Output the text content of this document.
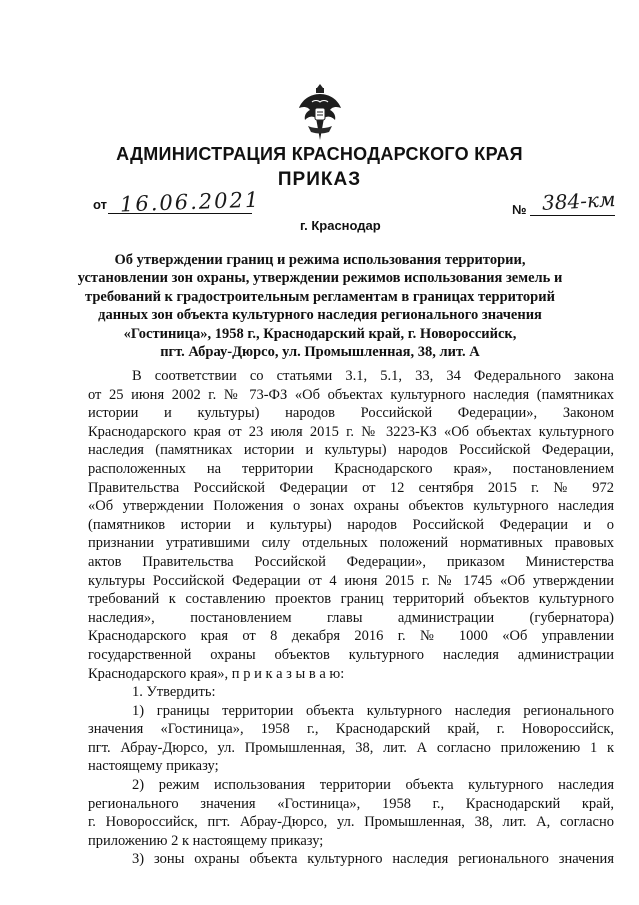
АДМИНИСТРАЦИЯ КРАСНОДАРСКОГО КРАЯ
ПРИКАЗ
от 16.06.2021	№ 384-км
г. Краснодар
Об утверждении границ и режима использования территории,
установлении зон охраны, утверждении режимов использования земель и
требований к градостроительным регламентам в границах территорий
данных зон объекта культурного наследия регионального значения
«Гостиница», 1958 г., Краснодарский край, г. Новороссийск,
пгт. Абрау-Дюрсо, ул. Промышленная, 38, лит. А
В соответствии со статьями 3.1, 5.1, 33, 34 Федерального закона
от 25 июня 2002 г. № 73-ФЗ «Об объектах культурного наследия (памятниках
истории и культуры) народов Российской Федерации», Законом
Краснодарского края от 23 июля 2015 г. № 3223-КЗ «Об объектах культурного
наследия (памятниках истории и культуры) народов Российской Федерации,
расположенных на территории Краснодарского края», постановлением
Правительства Российской Федерации от 12 сентября 2015 г. № 972
«Об утверждении Положения о зонах охраны объектов культурного наследия
(памятников истории и культуры) народов Российской Федерации и о
признании утратившими силу отдельных положений нормативных правовых
актов Правительства Российской Федерации», приказом Министерства
культуры Российской Федерации от 4 июня 2015 г. № 1745 «Об утверждении
требований к составлению проектов границ территорий объектов культурного
наследия», постановлением главы администрации (губернатора)
Краснодарского края от 8 декабря 2016 г. № 1000 «Об управлении
государственной охраны объектов культурного наследия администрации
Краснодарского края», п р и к а з ы в а ю:
1. Утвердить:
1) границы территории объекта культурного наследия регионального
значения «Гостиница», 1958 г., Краснодарский край, г. Новороссийск,
пгт. Абрау-Дюрсо, ул. Промышленная, 38, лит. А согласно приложению 1 к
настоящему приказу;
2) режим использования территории объекта культурного наследия
регионального значения «Гостиница», 1958 г., Краснодарский край,
г. Новороссийск, пгт. Абрау-Дюрсо, ул. Промышленная, 38, лит. А, согласно
приложению 2 к настоящему приказу;
3) зоны охраны объекта культурного наследия регионального значения
